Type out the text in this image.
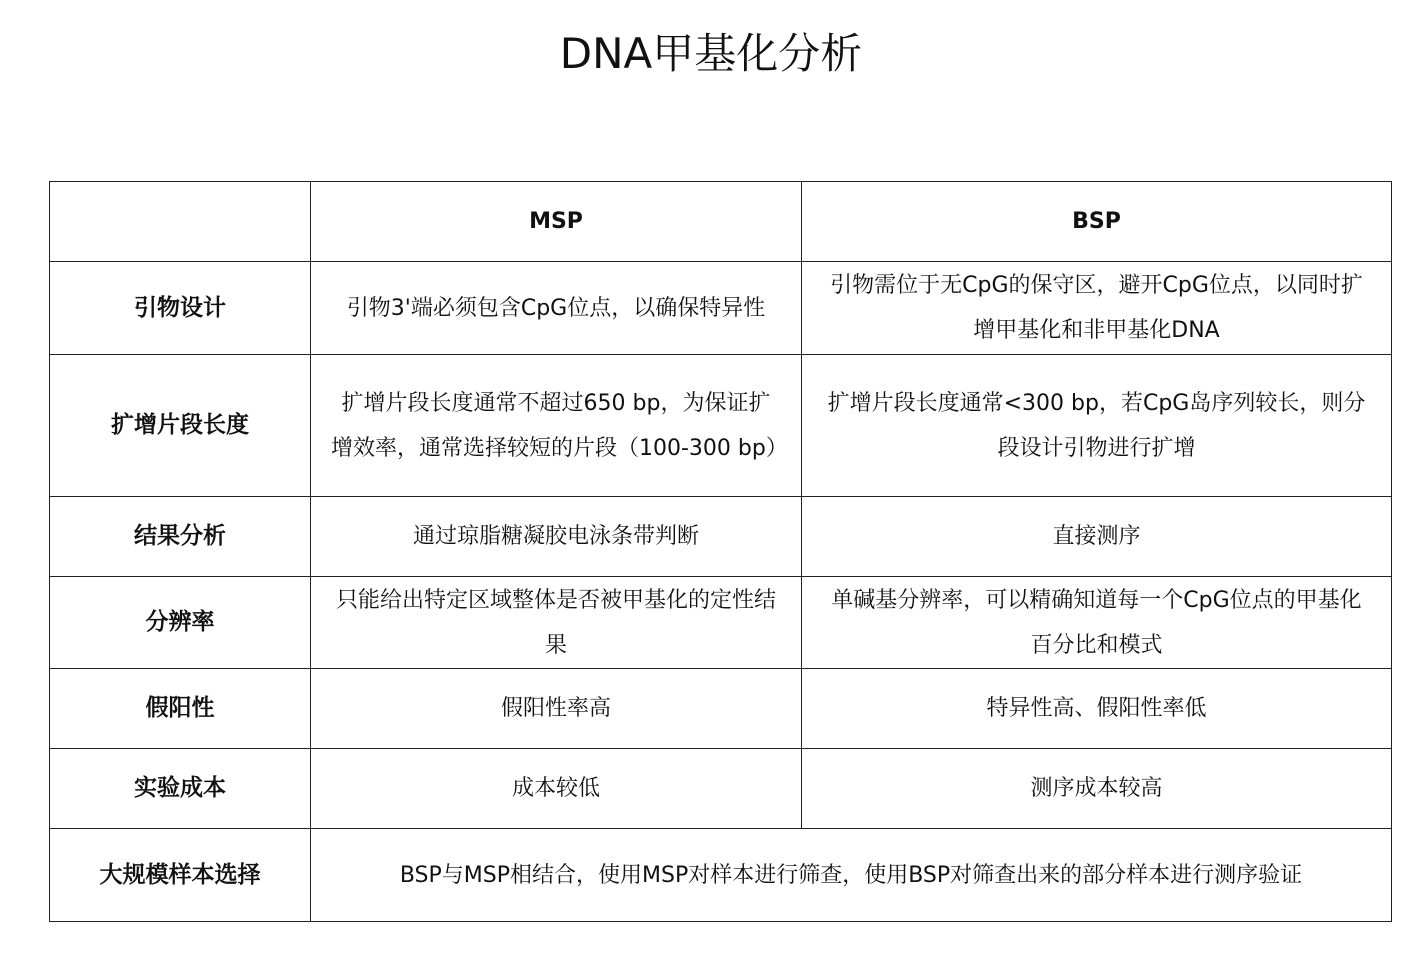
DNA甲基化分析
	MSP	BSP
引物设计	引物3'端必须包含CpG位点，以确保特异性	引物需位于无CpG的保守区，避开CpG位点，以同时扩增甲基化和非甲基化DNA
扩增片段长度	扩增片段长度通常不超过650 bp，为保证扩增效率，通常选择较短的片段（100-300 bp）	扩增片段长度通常<300 bp，若CpG岛序列较长，则分段设计引物进行扩增
结果分析	通过琼脂糖凝胶电泳条带判断	直接测序
分辨率	只能给出特定区域整体是否被甲基化的定性结果	单碱基分辨率，可以精确知道每一个CpG位点的甲基化百分比和模式
假阳性	假阳性率高	特异性高、假阳性率低
实验成本	成本较低	测序成本较高
大规模样本选择	BSP与MSP相结合，使用MSP对样本进行筛查，使用BSP对筛查出来的部分样本进行测序验证	
